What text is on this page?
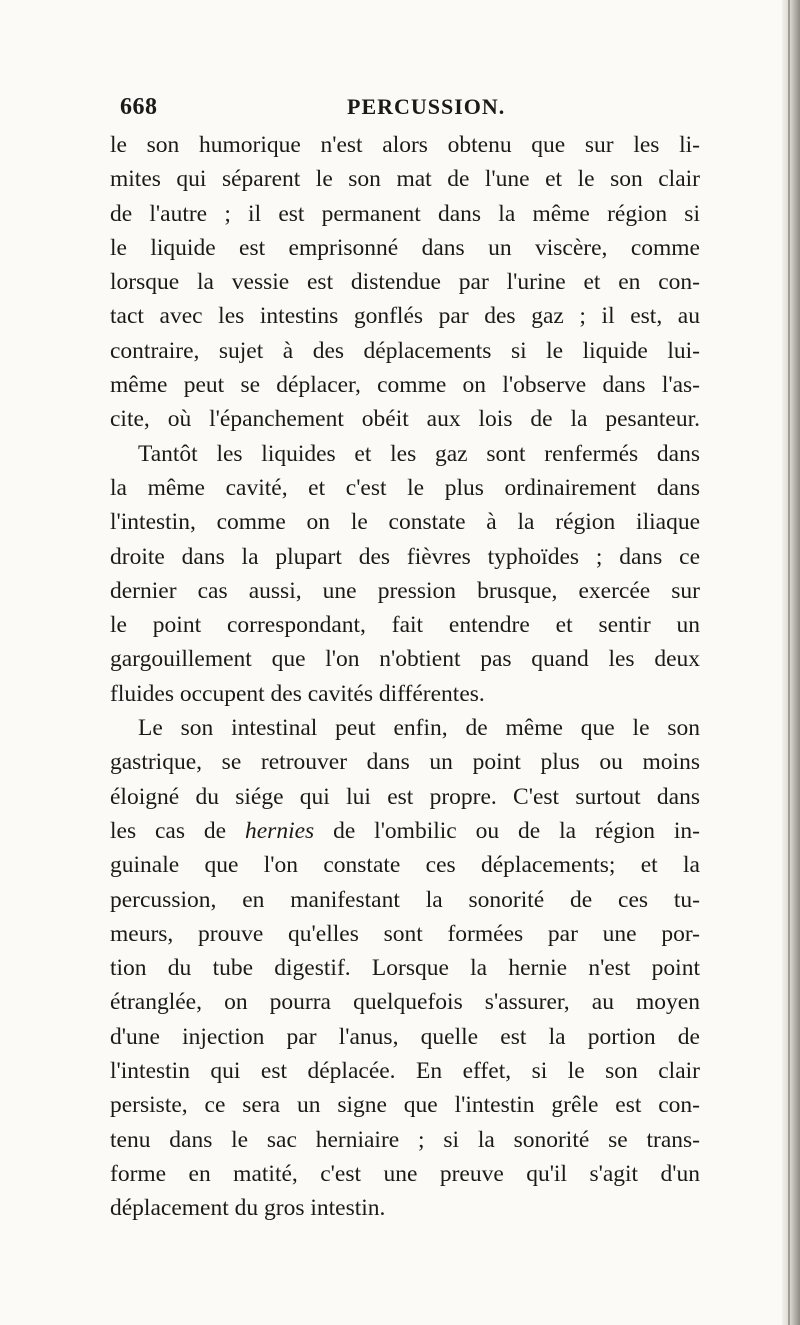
668	PERCUSSION.
le son humorique n'est alors obtenu que sur les li-
mites qui séparent le son mat de l'une et le son clair
de l'autre ; il est permanent dans la même région si
le liquide est emprisonné dans un viscère, comme
lorsque la vessie est distendue par l'urine et en con-
tact avec les intestins gonflés par des gaz ; il est, au
contraire, sujet à des déplacements si le liquide lui-
même peut se déplacer, comme on l'observe dans l'as-
cite, où l'épanchement obéit aux lois de la pesanteur.
Tantôt les liquides et les gaz sont renfermés dans
la même cavité, et c'est le plus ordinairement dans
l'intestin, comme on le constate à la région iliaque
droite dans la plupart des fièvres typhoïdes ; dans ce
dernier cas aussi, une pression brusque, exercée sur
le point correspondant, fait entendre et sentir un
gargouillement que l'on n'obtient pas quand les deux
fluides occupent des cavités différentes.
Le son intestinal peut enfin, de même que le son
gastrique, se retrouver dans un point plus ou moins
éloigné du siége qui lui est propre. C'est surtout dans
les cas de hernies de l'ombilic ou de la région in-
guinale que l'on constate ces déplacements; et la
percussion, en manifestant la sonorité de ces tu-
meurs, prouve qu'elles sont formées par une por-
tion du tube digestif. Lorsque la hernie n'est point
étranglée, on pourra quelquefois s'assurer, au moyen
d'une injection par l'anus, quelle est la portion de
l'intestin qui est déplacée. En effet, si le son clair
persiste, ce sera un signe que l'intestin grêle est con-
tenu dans le sac herniaire ; si la sonorité se trans-
forme en matité, c'est une preuve qu'il s'agit d'un
déplacement du gros intestin.
